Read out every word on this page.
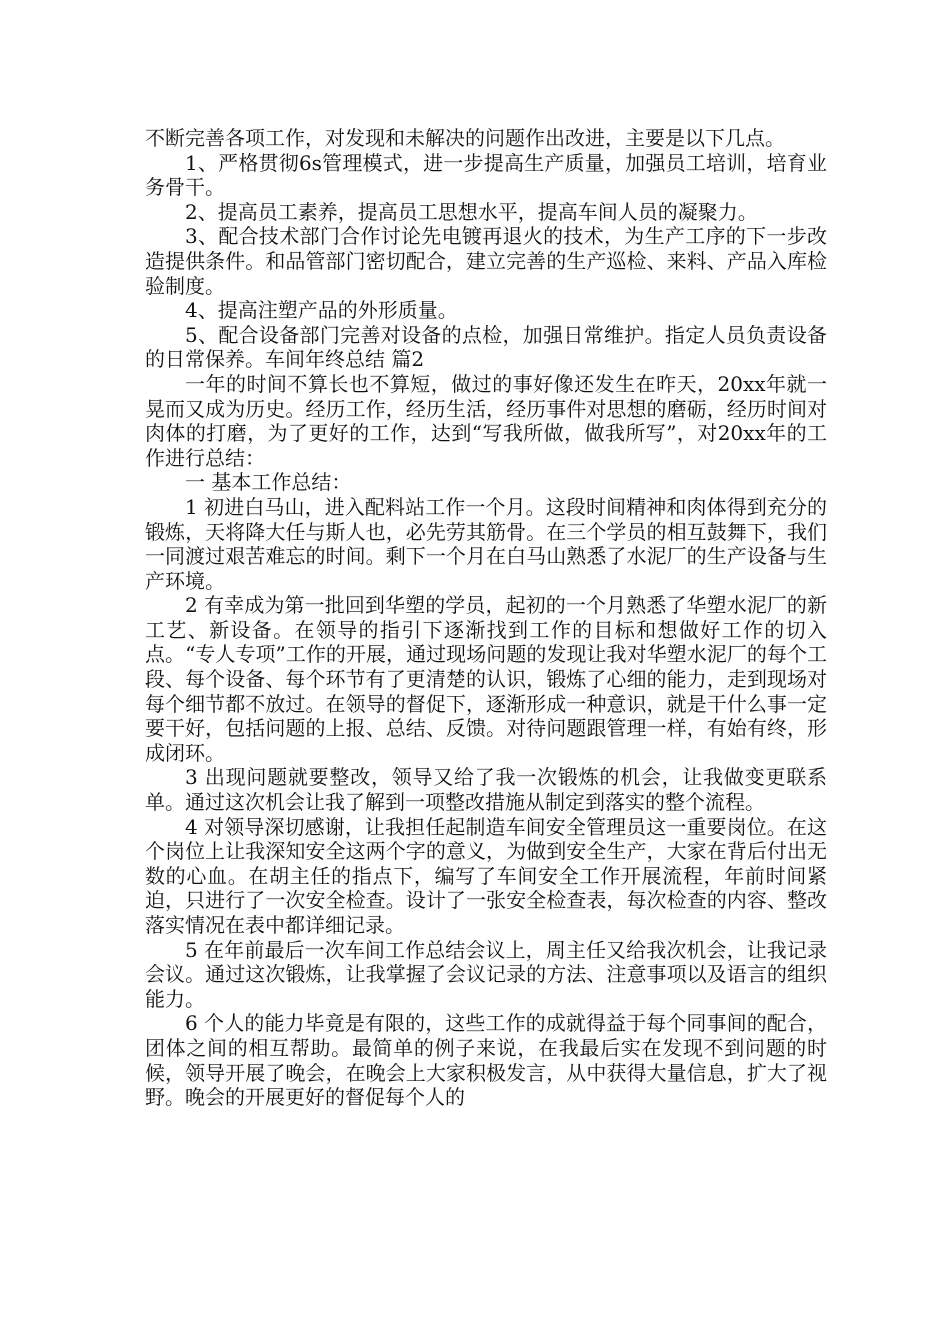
不断完善各项工作，对发现和未解决的问题作出改进，主要是以下几点。

1、严格贯彻6s管理模式，进一步提高生产质量，加强员工培训，培育业务骨干。

2、提高员工素养，提高员工思想水平，提高车间人员的凝聚力。

3、配合技术部门合作讨论先电镀再退火的技术，为生产工序的下一步改造提供条件。和品管部门密切配合，建立完善的生产巡检、来料、产品入库检验制度。

4、提高注塑产品的外形质量。

5、配合设备部门完善对设备的点检，加强日常维护。指定人员负责设备的日常保养。车间年终总结 篇2

一年的时间不算长也不算短，做过的事好像还发生在昨天，20xx年就一晃而又成为历史。经历工作，经历生活，经历事件对思想的磨砺，经历时间对肉体的打磨，为了更好的工作，达到“写我所做，做我所写”，对20xx年的工作进行总结：

一 基本工作总结：

1 初进白马山，进入配料站工作一个月。这段时间精神和肉体得到充分的锻炼，天将降大任与斯人也，必先劳其筋骨。在三个学员的相互鼓舞下，我们一同渡过艰苦难忘的时间。剩下一个月在白马山熟悉了水泥厂的生产设备与生产环境。

2 有幸成为第一批回到华塑的学员，起初的一个月熟悉了华塑水泥厂的新工艺、新设备。在领导的指引下逐渐找到工作的目标和想做好工作的切入点。“专人专项”工作的开展，通过现场问题的发现让我对华塑水泥厂的每个工段、每个设备、每个环节有了更清楚的认识，锻炼了心细的能力，走到现场对每个细节都不放过。在领导的督促下，逐渐形成一种意识，就是干什么事一定要干好，包括问题的上报、总结、反馈。对待问题跟管理一样，有始有终，形成闭环。

3 出现问题就要整改，领导又给了我一次锻炼的机会，让我做变更联系单。通过这次机会让我了解到一项整改措施从制定到落实的整个流程。

4 对领导深切感谢，让我担任起制造车间安全管理员这一重要岗位。在这个岗位上让我深知安全这两个字的意义，为做到安全生产，大家在背后付出无数的心血。在胡主任的指点下，编写了车间安全工作开展流程，年前时间紧迫，只进行了一次安全检查。设计了一张安全检查表，每次检查的内容、整改落实情况在表中都详细记录。

5 在年前最后一次车间工作总结会议上，周主任又给我次机会，让我记录会议。通过这次锻炼，让我掌握了会议记录的方法、注意事项以及语言的组织能力。

6 个人的能力毕竟是有限的，这些工作的成就得益于每个同事间的配合，团体之间的相互帮助。最简单的例子来说，在我最后实在发现不到问题的时候，领导开展了晚会，在晚会上大家积极发言，从中获得大量信息，扩大了视野。晚会的开展更好的督促每个人的
